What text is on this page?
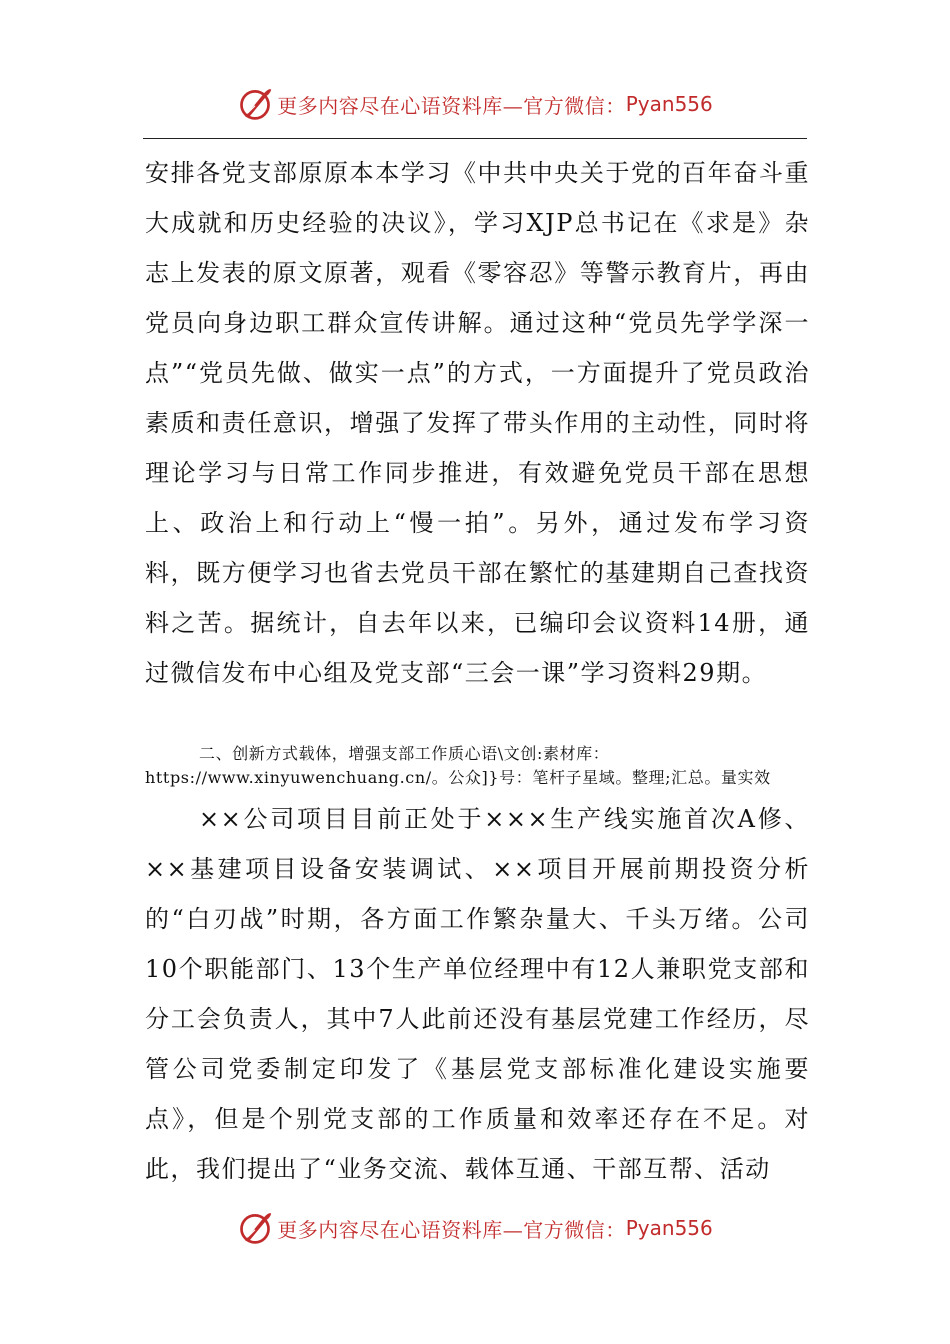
更多内容尽在心语资料库—官方微信： Pyan556

安排各党支部原原本本学习《中共中央关于党的百年奋斗重大成就和历史经验的决议》，学习XJP总书记在《求是》杂志上发表的原文原著，观看《零容忍》等警示教育片，再由党员向身边职工群众宣传讲解。通过这种“党员先学学深一点”“党员先做、做实一点”的方式，一方面提升了党员政治素质和责任意识，增强了发挥了带头作用的主动性，同时将理论学习与日常工作同步推进，有效避免党员干部在思想上、政治上和行动上“慢一拍”。另外，通过发布学习资料，既方便学习也省去党员干部在繁忙的基建期自己查找资料之苦。据统计，自去年以来，已编印会议资料14册，通过微信发布中心组及党支部“三会一课”学习资料29期。

二、创新方式载体，增强支部工作质心语\文创:素材库：https://www.xinyuwenchuang.cn/。公众]}号：笔杆子星域。整理;汇总。量实效

××公司项目目前正处于×××生产线实施首次A修、××基建项目设备安装调试、××项目开展前期投资分析的“白刃战”时期，各方面工作繁杂量大、千头万绪。公司10个职能部门、13个生产单位经理中有12人兼职党支部和分工会负责人，其中7人此前还没有基层党建工作经历，尽管公司党委制定印发了《基层党支部标准化建设实施要点》，但是个别党支部的工作质量和效率还存在不足。对此，我们提出了“业务交流、载体互通、干部互帮、活动

更多内容尽在心语资料库—官方微信： Pyan556
